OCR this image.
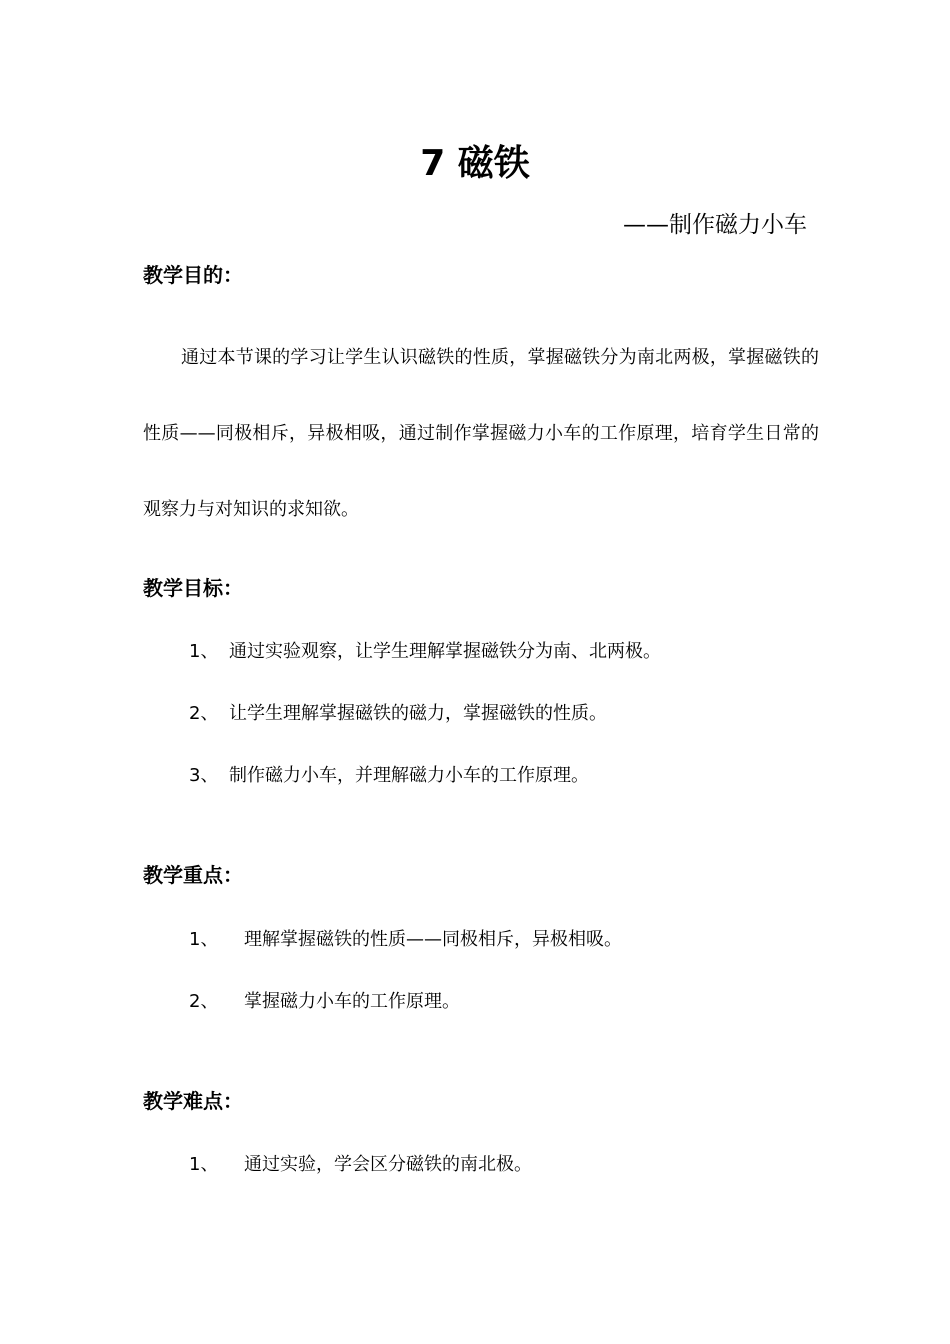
7 磁铁
——制作磁力小车
教学目的：

通过本节课的学习让学生认识磁铁的性质，掌握磁铁分为南北两极，掌握磁铁的性质——同极相斥，异极相吸，通过制作掌握磁力小车的工作原理，培育学生日常的观察力与对知识的求知欲。

教学目标：
1、 通过实验观察，让学生理解掌握磁铁分为南、北两极。
2、 让学生理解掌握磁铁的磁力，掌握磁铁的性质。
3、 制作磁力小车，并理解磁力小车的工作原理。
教学重点：
1、 理解掌握磁铁的性质——同极相斥，异极相吸。
2、 掌握磁力小车的工作原理。
教学难点：
1、 通过实验，学会区分磁铁的南北极。
